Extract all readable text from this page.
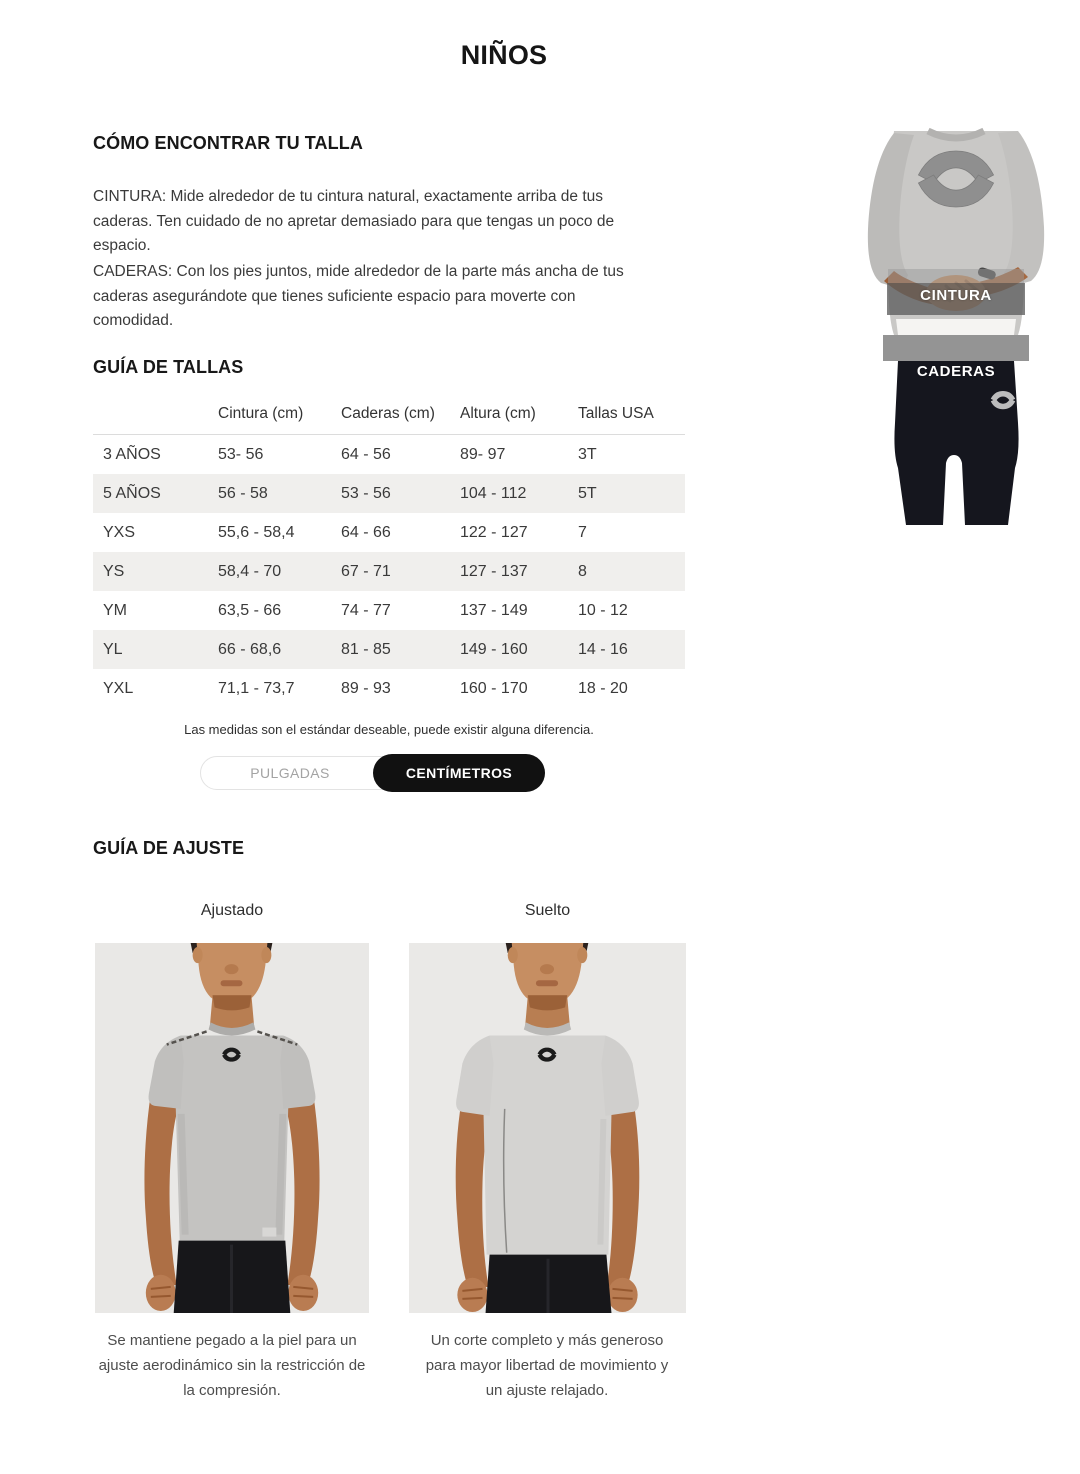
NIÑOS
CÓMO ENCONTRAR TU TALLA
CINTURA: Mide alrededor de tu cintura natural, exactamente arriba de tus caderas. Ten cuidado de no apretar demasiado para que tengas un poco de espacio.
CADERAS: Con los pies juntos, mide alrededor de la parte más ancha de tus caderas asegurándote que tienes suficiente espacio para moverte con comodidad.
CINTURA
CADERAS
GUÍA DE TALLAS
	Cintura (cm)	Caderas (cm)	Altura (cm)	Tallas USA
3 AÑOS	53- 56	64 - 56	89- 97	3T
5 AÑOS	56 - 58	53 - 56	104 - 112	5T
YXS	55,6 - 58,4	64 - 66	122 - 127	7
YS	58,4 - 70	67 - 71	127 - 137	8
YM	63,5 - 66	74 - 77	137 - 149	10 - 12
YL	66 - 68,6	81 - 85	149 - 160	14 - 16
YXL	71,1 - 73,7	89 - 93	160 - 170	18 - 20
Las medidas son el estándar deseable, puede existir alguna diferencia.
PULGADAS	CENTÍMETROS
GUÍA DE AJUSTE
Ajustado	Suelto
Se mantiene pegado a la piel para un ajuste aerodinámico sin la restricción de la compresión.
Un corte completo y más generoso para mayor libertad de movimiento y un ajuste relajado.
